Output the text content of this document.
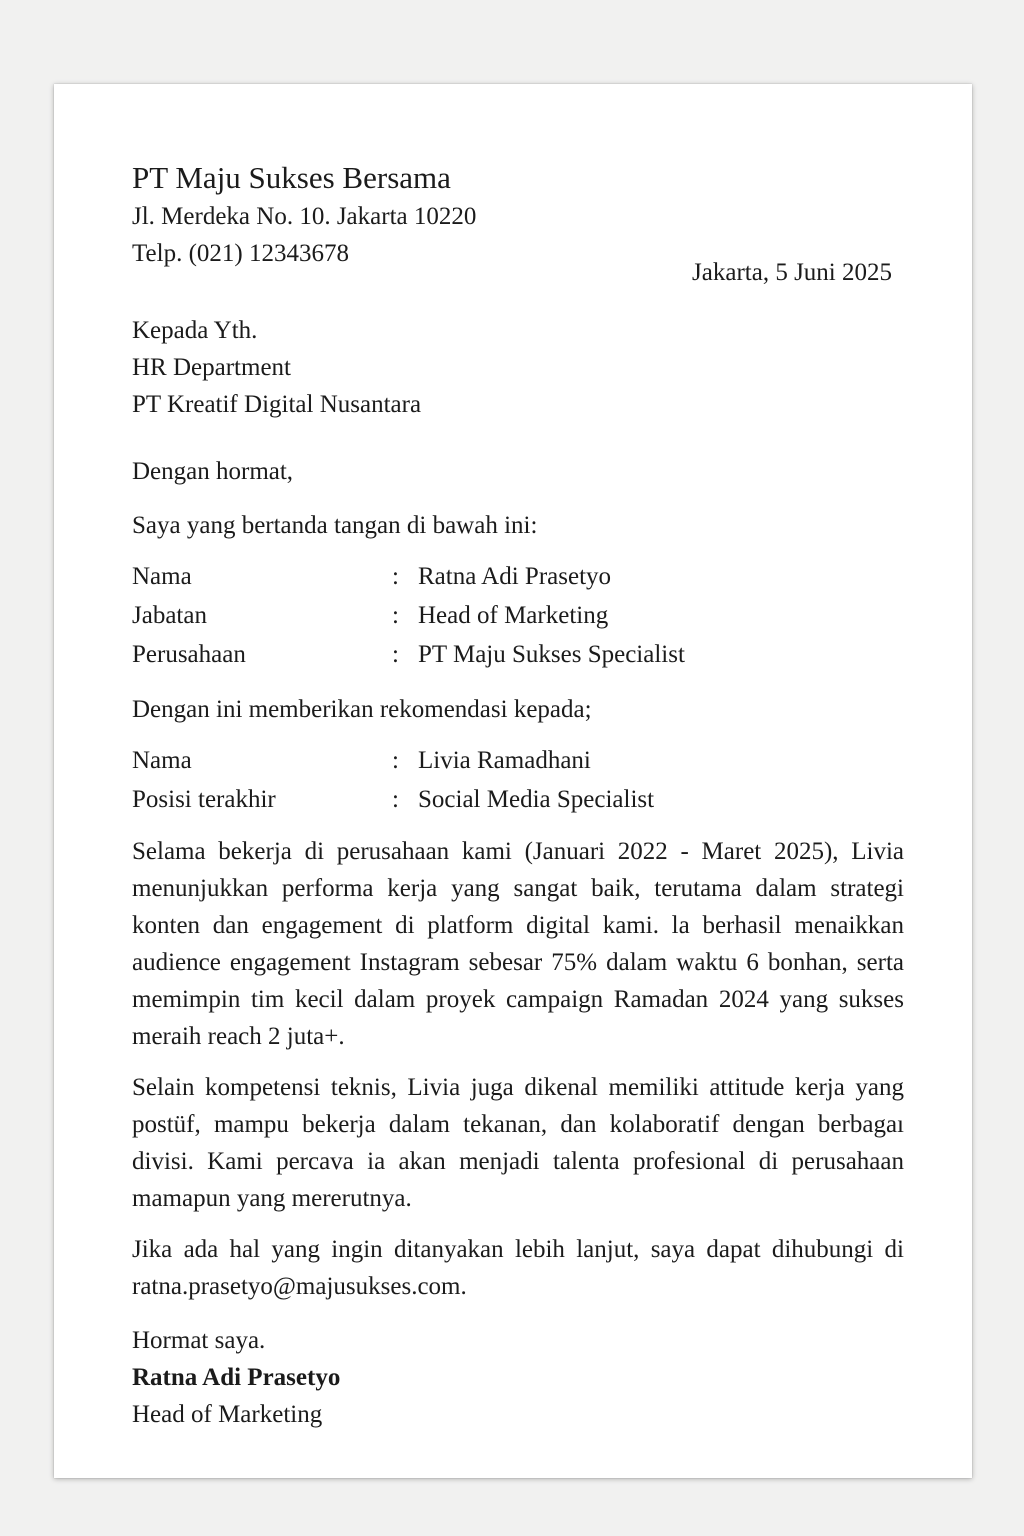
Jakarta, 5 Juni 2025
PT Maju Sukses Bersama
Jl. Merdeka No. 10. Jakarta 10220
Telp. (021) 12343678
Kepada Yth.
HR Department
PT Kreatif Digital Nusantara
Dengan hormat,
Saya yang bertanda tangan di bawah ini:
Nama	: Ratna Adi Prasetyo
Jabatan	: Head of Marketing
Perusahaan	: PT Maju Sukses Specialist
Dengan ini memberikan rekomendasi kepada;
Nama	: Livia Ramadhani
Posisi terakhir	: Social Media Specialist
Selama bekerja di perusahaan kami (Januari 2022 - Maret 2025), Livia menunjukkan performa kerja yang sangat baik, terutama dalam strategi konten dan engagement di platform digital kami. la berhasil menaikkan audience engagement Instagram sebesar 75% dalam waktu 6 bonhan, serta memimpin tim kecil dalam proyek campaign Ramadan 2024 yang sukses meraih reach 2 juta+.
Selain kompetensi teknis, Livia juga dikenal memiliki attitude kerja yang postüf, mampu bekerja dalam tekanan, dan kolaboratif dengan berbagaı divisi. Kami percava ia akan menjadi talenta profesional di perusahaan mamapun yang mererutnya.
Jika ada hal yang ingin ditanyakan lebih lanjut, saya dapat dihubungi di ratna.prasetyo@majusukses.com.
Hormat saya.
Ratna Adi Prasetyo
Head of Marketing
